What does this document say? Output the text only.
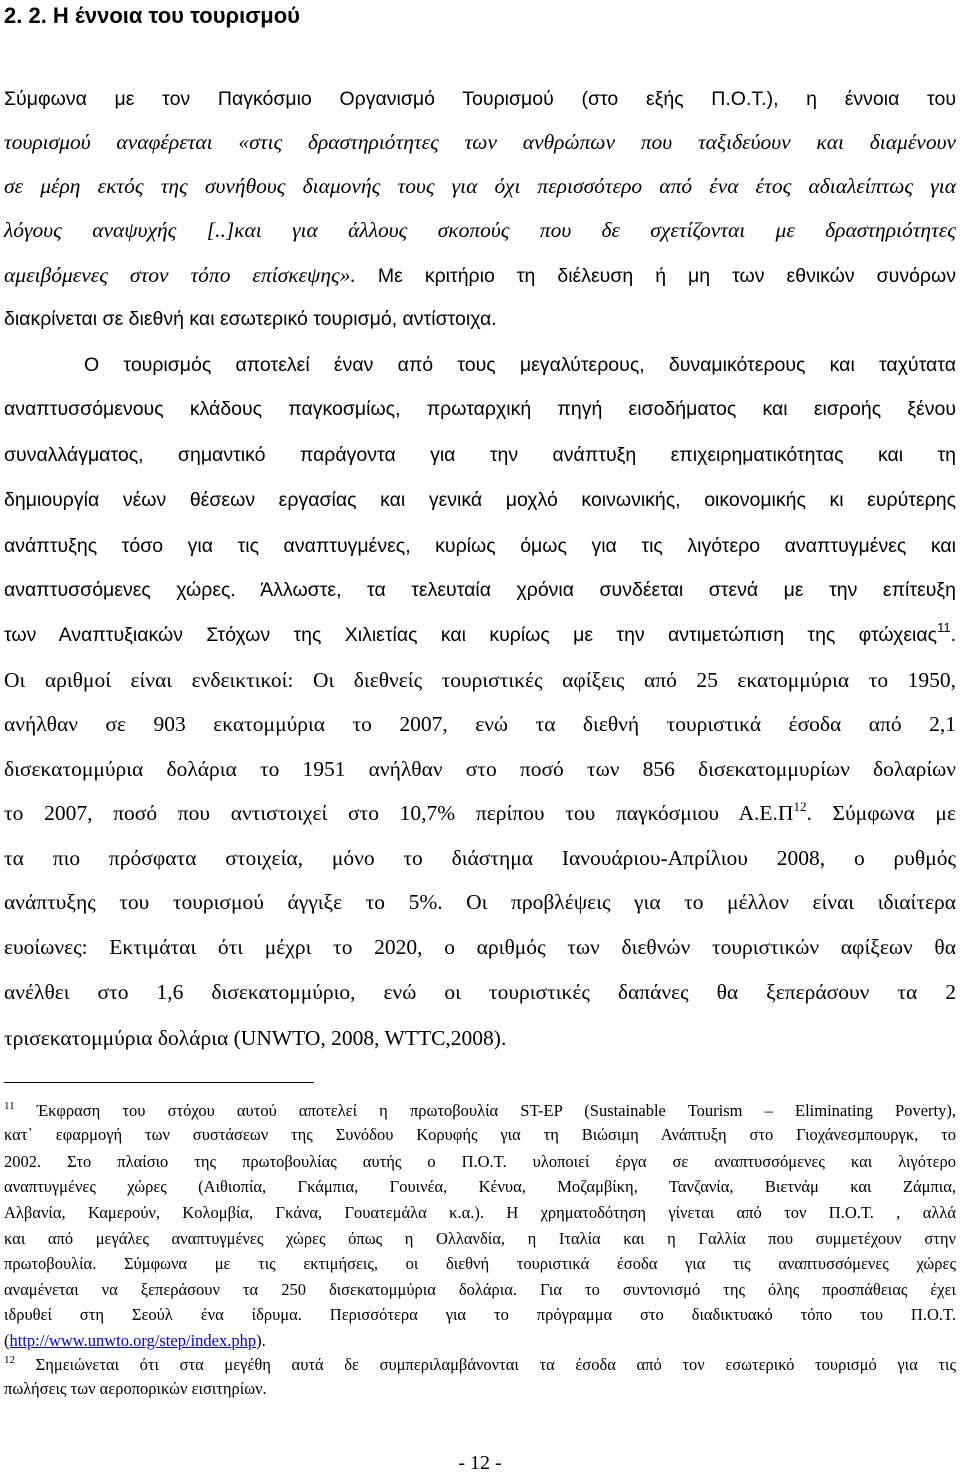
2. 2. Η έννοια του τουρισμού
Σύμφωνα με τον Παγκόσμιο Οργανισμό Τουρισμού (στο εξής Π.Ο.Τ.), η έννοια του
τουρισμού αναφέρεται «στις δραστηριότητες των ανθρώπων που ταξιδεύουν και διαμένουν
σε μέρη εκτός της συνήθους διαμονής τους για όχι περισσότερο από ένα έτος αδιαλείπτως για
λόγους αναψυχής [..]και για άλλους σκοπούς που δε σχετίζονται με δραστηριότητες
αμειβόμενες στον τόπο επίσκεψης». Με κριτήριο τη διέλευση ή μη των εθνικών συνόρων
διακρίνεται σε διεθνή και εσωτερικό τουρισμό, αντίστοιχα.
Ο τουρισμός αποτελεί έναν από τους μεγαλύτερους, δυναμικότερους και ταχύτατα
αναπτυσσόμενους κλάδους παγκοσμίως, πρωταρχική πηγή εισοδήματος και εισροής ξένου
συναλλάγματος, σημαντικό παράγοντα για την ανάπτυξη επιχειρηματικότητας και τη
δημιουργία νέων θέσεων εργασίας και γενικά μοχλό κοινωνικής, οικονομικής κι ευρύτερης
ανάπτυξης τόσο για τις αναπτυγμένες, κυρίως όμως για τις λιγότερο αναπτυγμένες και
αναπτυσσόμενες χώρες. Άλλωστε, τα τελευταία χρόνια συνδέεται στενά με την επίτευξη
των Αναπτυξιακών Στόχων της Χιλιετίας και κυρίως με την αντιμετώπιση της φτώχειας$^{11}$.
Οι αριθμοί είναι ενδεικτικοί: Οι διεθνείς τουριστικές αφίξεις από 25 εκατομμύρια το 1950,
ανήλθαν σε 903 εκατομμύρια το 2007, ενώ τα διεθνή τουριστικά έσοδα από 2,1
δισεκατομμύρια δολάρια το 1951 ανήλθαν στο ποσό των 856 δισεκατομμυρίων δολαρίων
το 2007, ποσό που αντιστοιχεί στο 10,7% περίπου του παγκόσμιου $A.E.\Pi^{12}$. Σύμφωνα με
τα πιο πρόσφατα στοιχεία, μόνο το διάστημα Ιανουάριου-Απρίλιου 2008, ο ρυθμός
ανάπτυξης του τουρισμού άγγιξε το 5%. Οι προβλέψεις για το μέλλον είναι ιδιαίτερα
ευοίωνες: Εκτιμάται ότι μέχρι το 2020, ο αριθμός των διεθνών τουριστικών αφίξεων θα
ανέλθει στο 1,6 δισεκατομμύριο, ενώ οι τουριστικές δαπάνες θα ξεπεράσουν τα 2
τρισεκατομμύρια δολάρια (UNWTO, 2008, WTTC,2008).
$^{11}$ Έκφραση του στόχου αυτού αποτελεί η πρωτοβουλία ST-EP (Sustainable Tourism – Eliminating Poverty),
κατ᾽ εφαρμογή των συστάσεων της Συνόδου Κορυφής για τη Βιώσιμη Ανάπτυξη στο Γιοχάνεσμπουργκ, το
2002. Στο πλαίσιο της πρωτοβουλίας αυτής ο Π.Ο.Τ. υλοποιεί έργα σε αναπτυσσόμενες και λιγότερο
αναπτυγμένες χώρες (Αιθιοπία, Γκάμπια, Γουινέα, Κένυα, Μοζαμβίκη, Τανζανία, Βιετνάμ και Ζάμπια,
Αλβανία, Καμερούν, Κολομβία, Γκάνα, Γουατεμάλα κ.α.). Η χρηματοδότηση γίνεται από τον Π.Ο.Τ. , αλλά
και από μεγάλες αναπτυγμένες χώρες όπως η Ολλανδία, η Ιταλία και η Γαλλία που συμμετέχουν στην
πρωτοβουλία. Σύμφωνα με τις εκτιμήσεις, οι διεθνή τουριστικά έσοδα για τις αναπτυσσόμενες χώρες
αναμένεται να ξεπεράσουν τα 250 δισεκατομμύρια δολάρια. Για το συντονισμό της όλης προσπάθειας έχει
ιδρυθεί στη Σεούλ ένα ίδρυμα. Περισσότερα για το πρόγραμμα στο διαδικτυακό τόπο του Π.Ο.Τ.
(http://www.unwto.org/step/index.php).
$^{12}$ Σημειώνεται ότι στα μεγέθη αυτά δε συμπεριλαμβάνονται τα έσοδα από τον εσωτερικό τουρισμό για τις
πωλήσεις των αεροπορικών εισιτηρίων.
- 12 -
